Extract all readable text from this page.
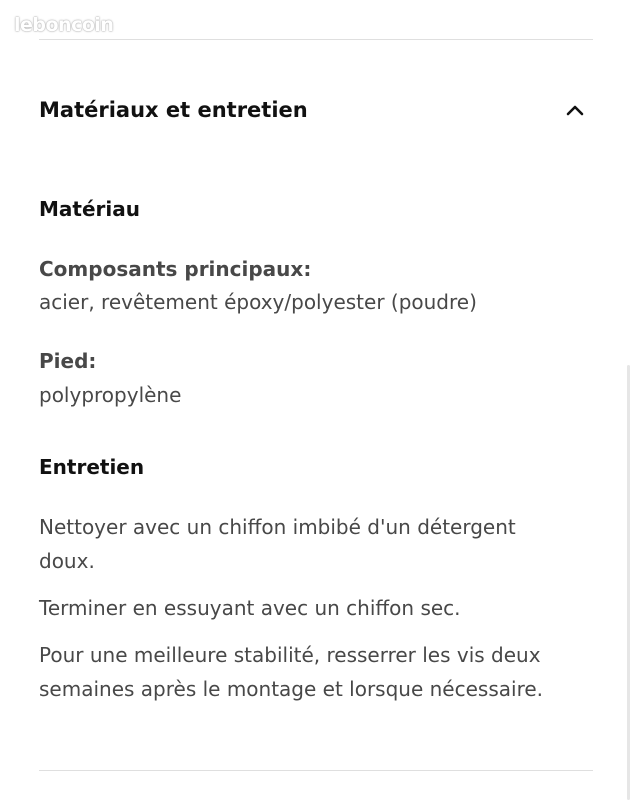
leboncoin
Matériaux et entretien
Matériau
Composants principaux:
acier, revêtement époxy/polyester (poudre)
Pied:
polypropylène
Entretien
Nettoyer avec un chiffon imbibé d'un détergent doux.
Terminer en essuyant avec un chiffon sec.
Pour une meilleure stabilité, resserrer les vis deux semaines après le montage et lorsque nécessaire.
